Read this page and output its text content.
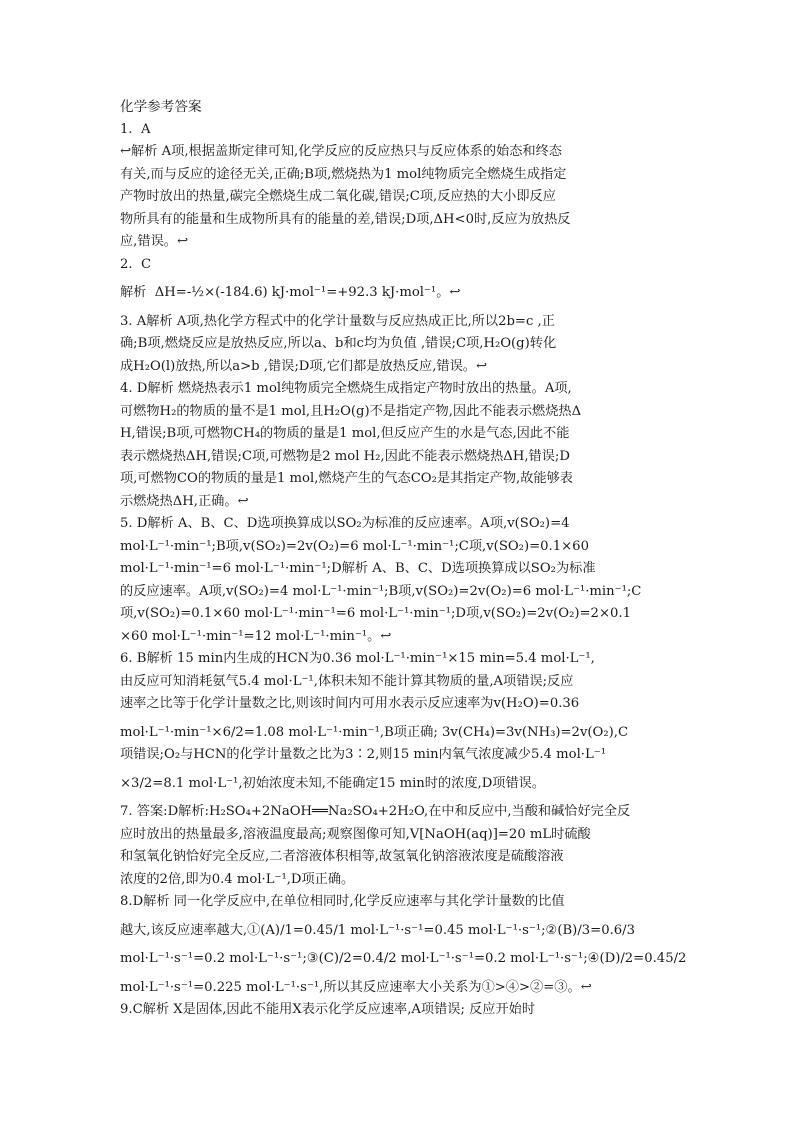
化学参考答案
1.  A
↩解析 A项,根据盖斯定律可知,化学反应的反应热只与反应体系的始态和终态
有关,而与反应的途径无关,正确;B项,燃烧热为1 mol纯物质完全燃烧生成指定
产物时放出的热量,碳完全燃烧生成二氧化碳,错误;C项,反应热的大小即反应
物所具有的能量和生成物所具有的能量的差,错误;D项,ΔH<0时,反应为放热反
应,错误。↩
2.  C
解析  ΔH=-½×(-184.6) kJ·mol⁻¹=+92.3 kJ·mol⁻¹。↩
3. A解析 A项,热化学方程式中的化学计量数与反应热成正比,所以2b=c ,正
确;B项,燃烧反应是放热反应,所以a、b和c均为负值 ,错误;C项,H₂O(g)转化
成H₂O(l)放热,所以a>b ,错误;D项,它们都是放热反应,错误。↩
4. D解析 燃烧热表示1 mol纯物质完全燃烧生成指定产物时放出的热量。A项,
可燃物H₂的物质的量不是1 mol,且H₂O(g)不是指定产物,因此不能表示燃烧热Δ
H,错误;B项,可燃物CH₄的物质的量是1 mol,但反应产生的水是气态,因此不能
表示燃烧热ΔH,错误;C项,可燃物是2 mol H₂,因此不能表示燃烧热ΔH,错误;D
项,可燃物CO的物质的量是1 mol,燃烧产生的气态CO₂是其指定产物,故能够表
示燃烧热ΔH,正确。↩
5. D解析 A、B、C、D选项换算成以SO₂为标准的反应速率。A项,v(SO₂)=4
mol·L⁻¹·min⁻¹;B项,v(SO₂)=2v(O₂)=6 mol·L⁻¹·min⁻¹;C项,v(SO₂)=0.1×60
mol·L⁻¹·min⁻¹=6 mol·L⁻¹·min⁻¹;D解析 A、B、C、D选项换算成以SO₂为标准
的反应速率。A项,v(SO₂)=4 mol·L⁻¹·min⁻¹;B项,v(SO₂)=2v(O₂)=6 mol·L⁻¹·min⁻¹;C
项,v(SO₂)=0.1×60 mol·L⁻¹·min⁻¹=6 mol·L⁻¹·min⁻¹;D项,v(SO₂)=2v(O₂)=2×0.1
×60 mol·L⁻¹·min⁻¹=12 mol·L⁻¹·min⁻¹。↩
6. B解析 15 min内生成的HCN为0.36 mol·L⁻¹·min⁻¹×15 min=5.4 mol·L⁻¹,
由反应可知消耗氨气5.4 mol·L⁻¹,体积未知不能计算其物质的量,A项错误;反应
速率之比等于化学计量数之比,则该时间内可用水表示反应速率为v(H₂O)=0.36
mol·L⁻¹·min⁻¹×6/2=1.08 mol·L⁻¹·min⁻¹,B项正确; 3v(CH₄)=3v(NH₃)=2v(O₂),C
项错误;O₂与HCN的化学计量数之比为3∶2,则15 min内氧气浓度减少5.4 mol·L⁻¹
×3/2=8.1 mol·L⁻¹,初始浓度未知,不能确定15 min时的浓度,D项错误。
7. 答案:D解析:H₂SO₄+2NaOH══Na₂SO₄+2H₂O,在中和反应中,当酸和碱恰好完全反
应时放出的热量最多,溶液温度最高;观察图像可知,V[NaOH(aq)]=20 mL时硫酸
和氢氧化钠恰好完全反应,二者溶液体积相等,故氢氧化钠溶液浓度是硫酸溶液
浓度的2倍,即为0.4 mol·L⁻¹,D项正确。
8.D解析 同一化学反应中,在单位相同时,化学反应速率与其化学计量数的比值
越大,该反应速率越大,①(A)/1=0.45/1 mol·L⁻¹·s⁻¹=0.45 mol·L⁻¹·s⁻¹;②(B)/3=0.6/3
mol·L⁻¹·s⁻¹=0.2 mol·L⁻¹·s⁻¹;③(C)/2=0.4/2 mol·L⁻¹·s⁻¹=0.2 mol·L⁻¹·s⁻¹;④(D)/2=0.45/2
mol·L⁻¹·s⁻¹=0.225 mol·L⁻¹·s⁻¹,所以其反应速率大小关系为①>④>②=③。↩
9.C解析 X是固体,因此不能用X表示化学反应速率,A项错误; 反应开始时
